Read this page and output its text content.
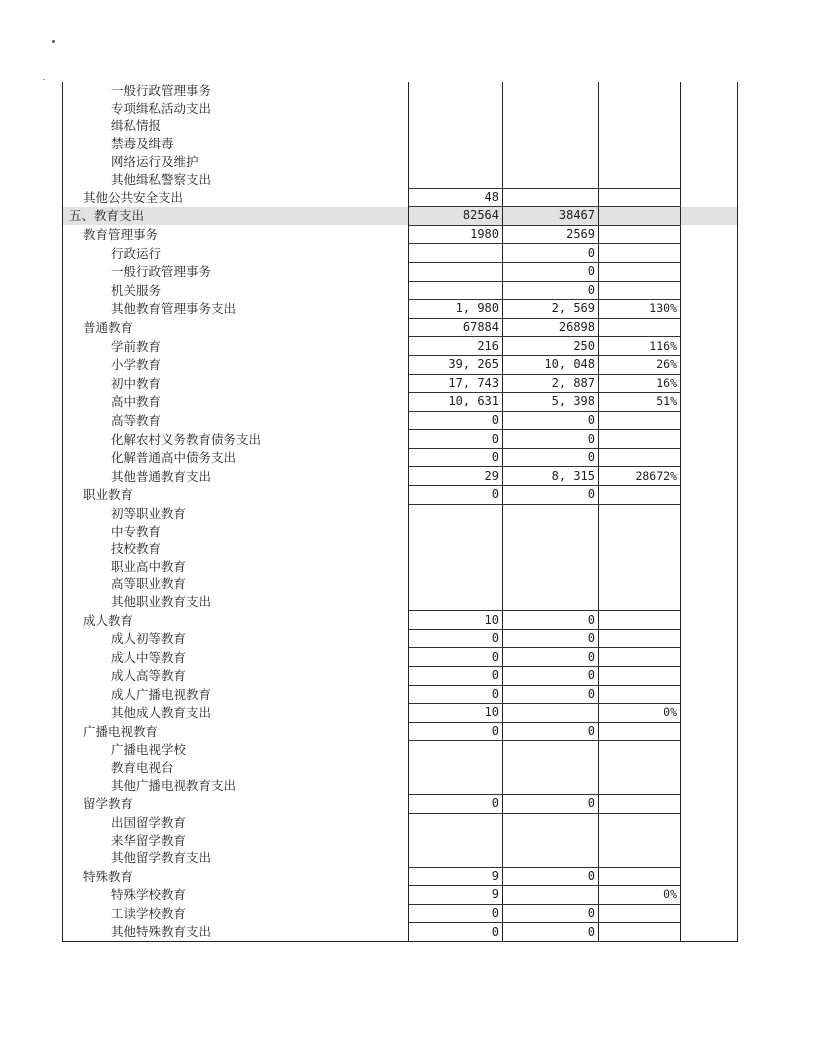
一般行政管理事务				
专项缉私活动支出				
缉私情报				
禁毒及缉毒				
网络运行及维护				
其他缉私警察支出				
其他公共安全支出	48			
五、教育支出	82564	38467		
教育管理事务	1980	2569		
行政运行		0		
一般行政管理事务		0		
机关服务		0		
其他教育管理事务支出	1, 980	2, 569	130%	
普通教育	67884	26898		
学前教育	216	250	116%	
小学教育	39, 265	10, 048	26%	
初中教育	17, 743	2, 887	16%	
高中教育	10, 631	5, 398	51%	
高等教育	0	0		
化解农村义务教育债务支出	0	0		
化解普通高中债务支出	0	0		
其他普通教育支出	29	8, 315	28672%	
职业教育	0	0		
初等职业教育				
中专教育				
技校教育				
职业高中教育				
高等职业教育				
其他职业教育支出				
成人教育	10	0		
成人初等教育	0	0		
成人中等教育	0	0		
成人高等教育	0	0		
成人广播电视教育	0	0		
其他成人教育支出	10		0%	
广播电视教育	0	0		
广播电视学校				
教育电视台				
其他广播电视教育支出				
留学教育	0	0		
出国留学教育				
来华留学教育				
其他留学教育支出				
特殊教育	9	0		
特殊学校教育	9		0%	
工读学校教育	0	0		
其他特殊教育支出	0	0		
